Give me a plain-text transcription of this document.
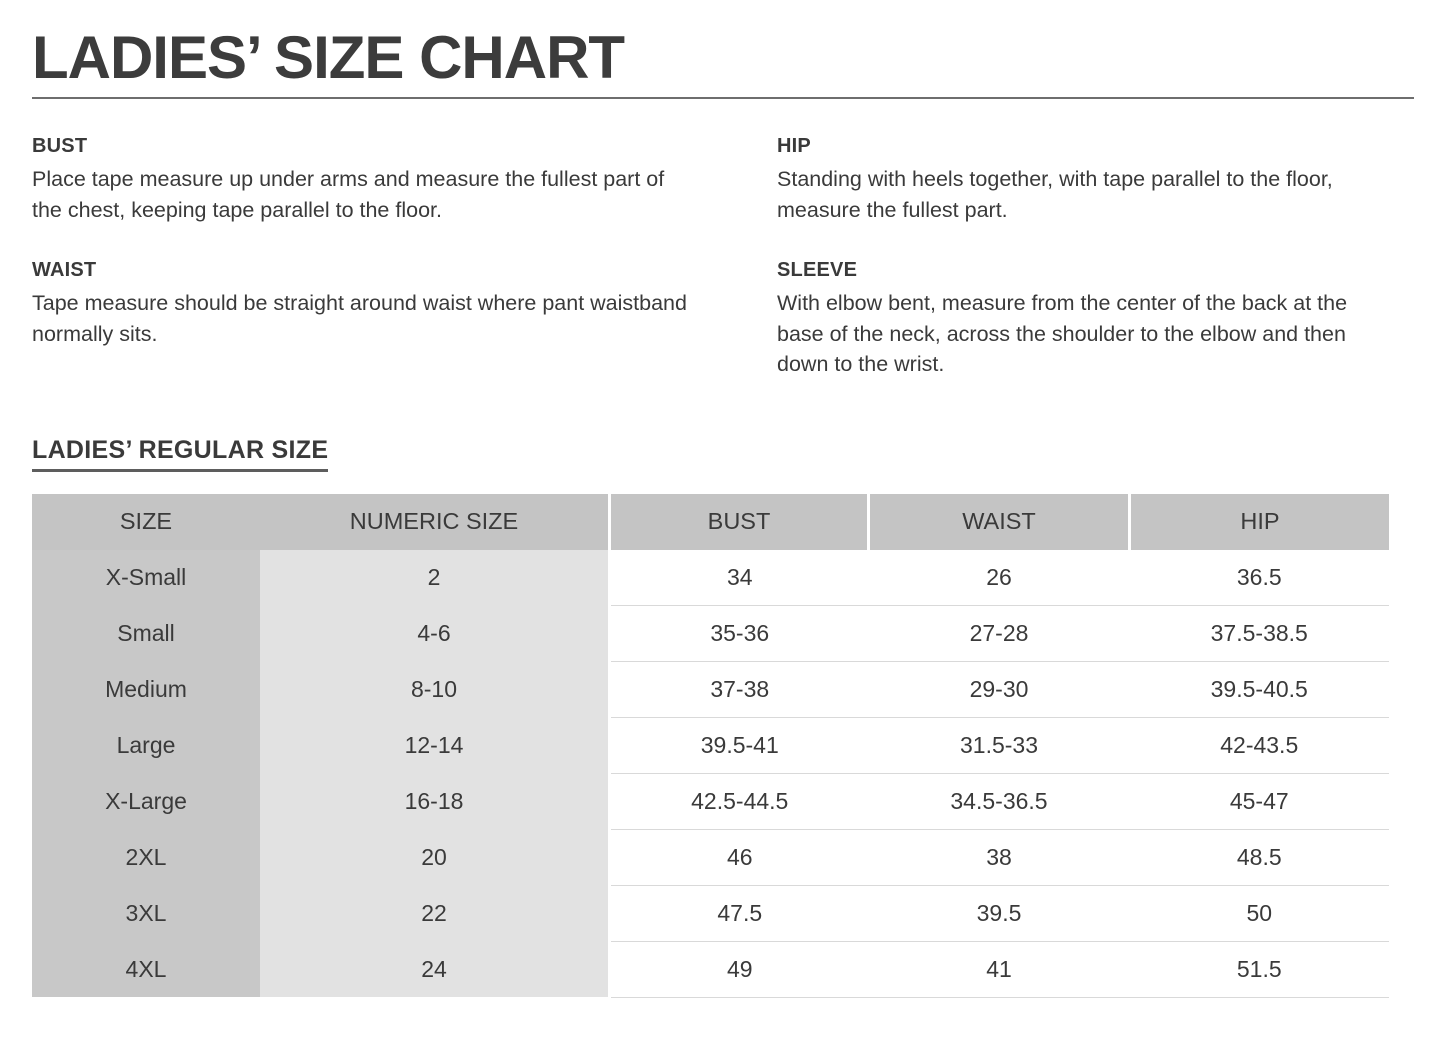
LADIES’ SIZE CHART
BUST

Place tape measure up under arms and measure the fullest part of the chest, keeping tape parallel to the floor.

HIP

Standing with heels together, with tape parallel to the floor, measure the fullest part.

WAIST

Tape measure should be straight around waist where pant waistband normally sits.

SLEEVE

With elbow bent, measure from the center of the back at the base of the neck, across the shoulder to the elbow and then down to the wrist.

LADIES’ REGULAR SIZE
SIZE	NUMERIC SIZE	BUST	WAIST	HIP
X-Small	2	34	26	36.5
Small	4-6	35-36	27-28	37.5-38.5
Medium	8-10	37-38	29-30	39.5-40.5
Large	12-14	39.5-41	31.5-33	42-43.5
X-Large	16-18	42.5-44.5	34.5-36.5	45-47
2XL	20	46	38	48.5
3XL	22	47.5	39.5	50
4XL	24	49	41	51.5
